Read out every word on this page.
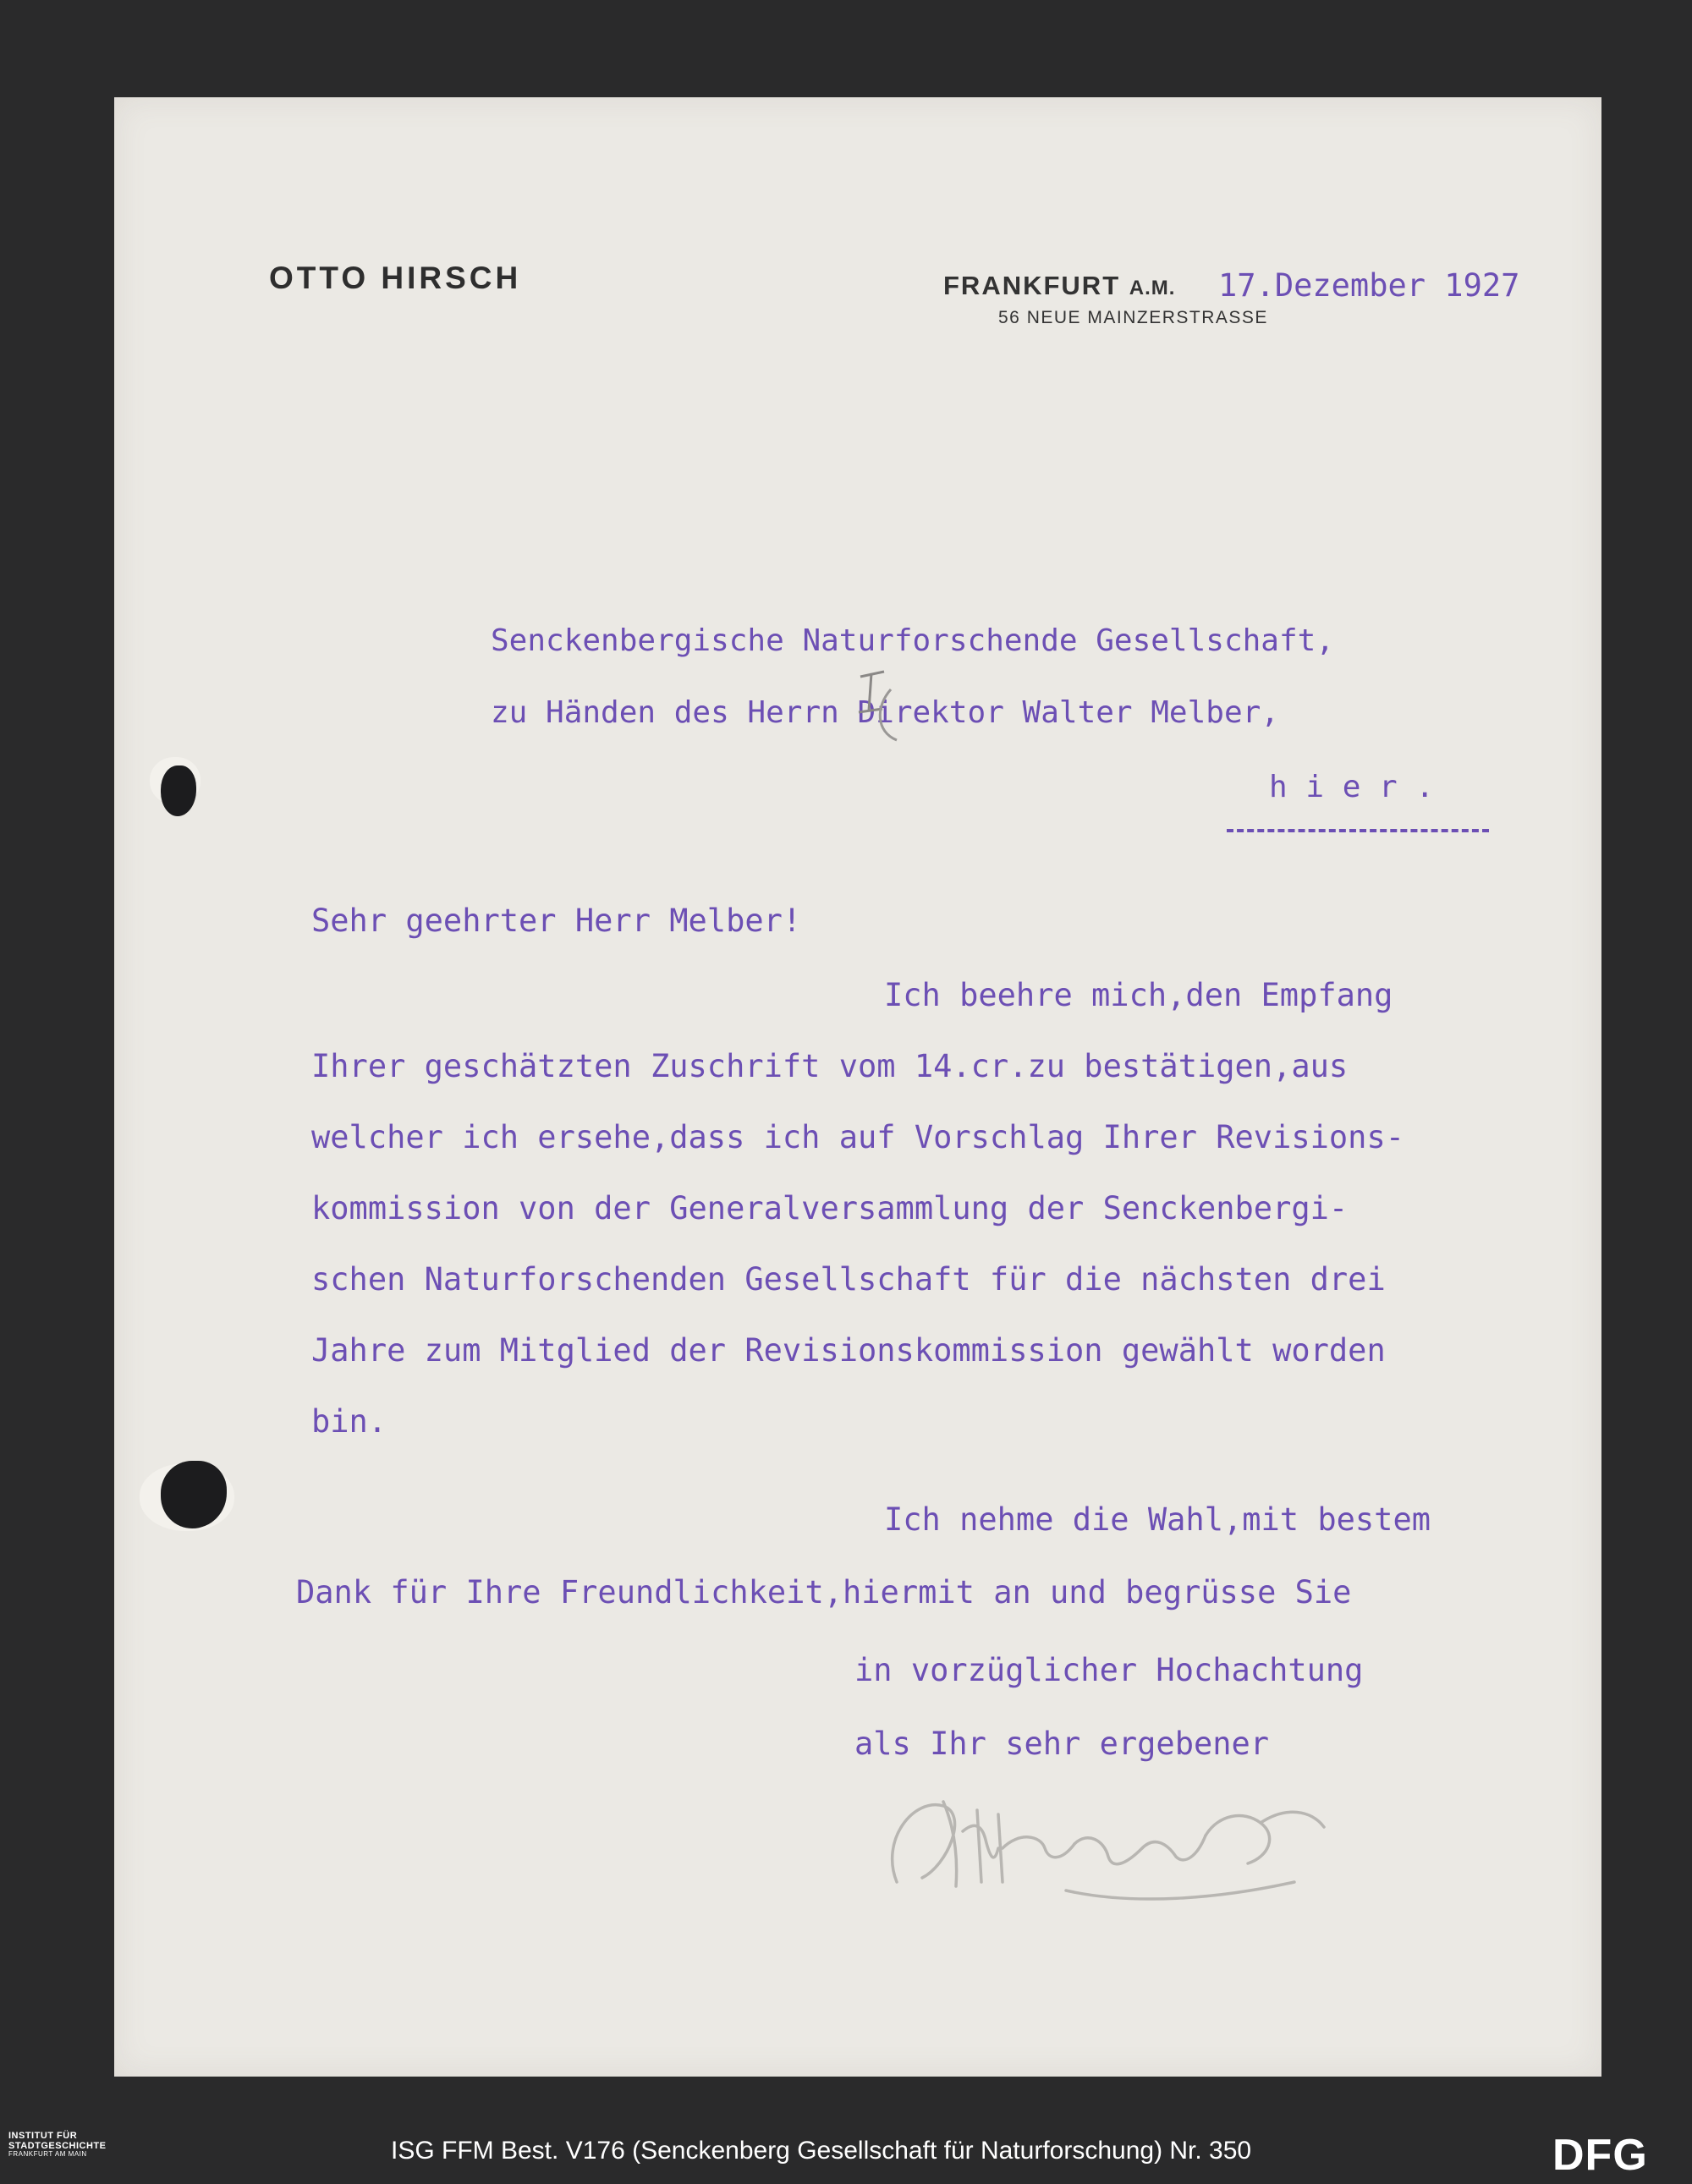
OTTO HIRSCH	FRANKFURT A.M.
56 NEUE MAINZERSTRASSE
17.Dezember 1927

Senckenbergische Naturforschende Gesellschaft,

zu Händen des Herrn Direktor Walter Melber,

h i e r .

Sehr geehrter Herr Melber!

Ich beehre mich,den Empfang

Ihrer geschätzten Zuschrift vom 14.cr.zu bestätigen,aus

welcher ich ersehe,dass ich auf Vorschlag Ihrer Revisions-

kommission von der Generalversammlung der Senckenbergi-

schen Naturforschenden Gesellschaft für die nächsten drei

Jahre zum Mitglied der Revisionskommission gewählt worden

bin.

Ich nehme die Wahl,mit bestem

Dank für Ihre Freundlichkeit,hiermit an und begrüsse Sie

in vorzüglicher Hochachtung

als Ihr sehr ergebener

INSTITUT FÜR
STADTGESCHICHTE
FRANKFURT AM MAIN	ISG FFM Best. V176 (Senckenberg Gesellschaft für Naturforschung) Nr. 350	DFG
